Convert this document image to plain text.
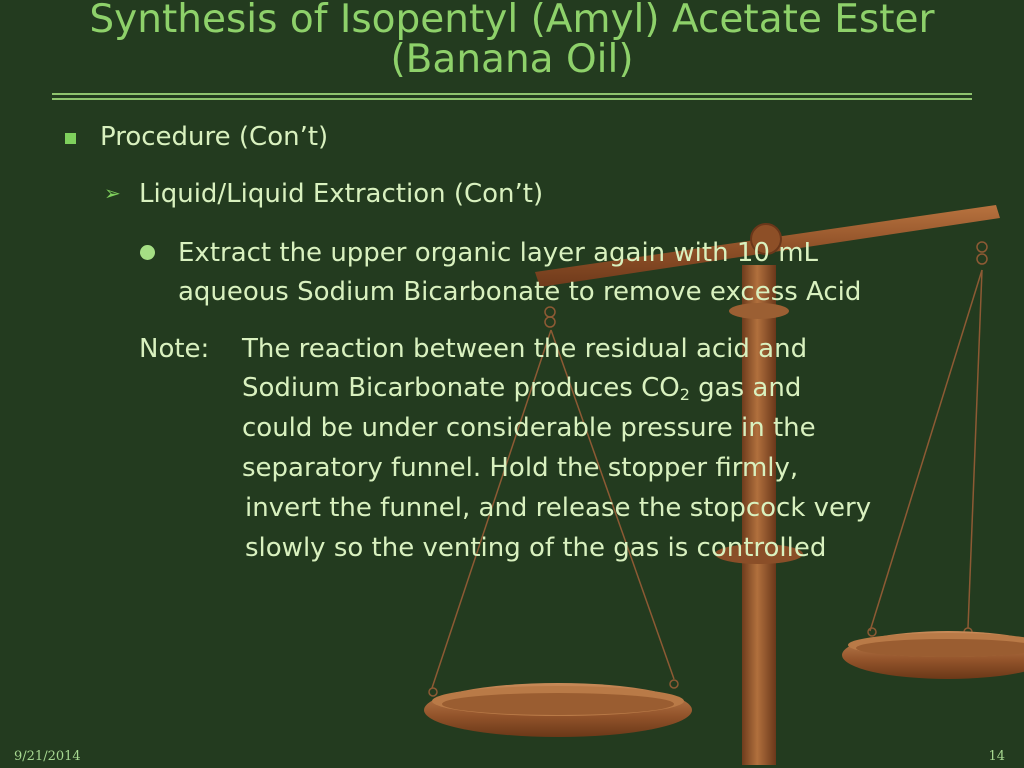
Synthesis of Isopentyl (Amyl) Acetate Ester
(Banana Oil)
Procedure (Con’t)
➢ Liquid/Liquid Extraction (Con’t)
Extract the upper organic layer again with 10 mL
aqueous Sodium Bicarbonate to remove excess Acid
Note: The reaction between the residual acid and
Sodium Bicarbonate produces $CO_2$ gas and
could be under considerable pressure in the
separatory funnel. Hold the stopper firmly,
invert the funnel, and release the stopcock very
slowly so the venting of the gas is controlled
9/21/2014	14
